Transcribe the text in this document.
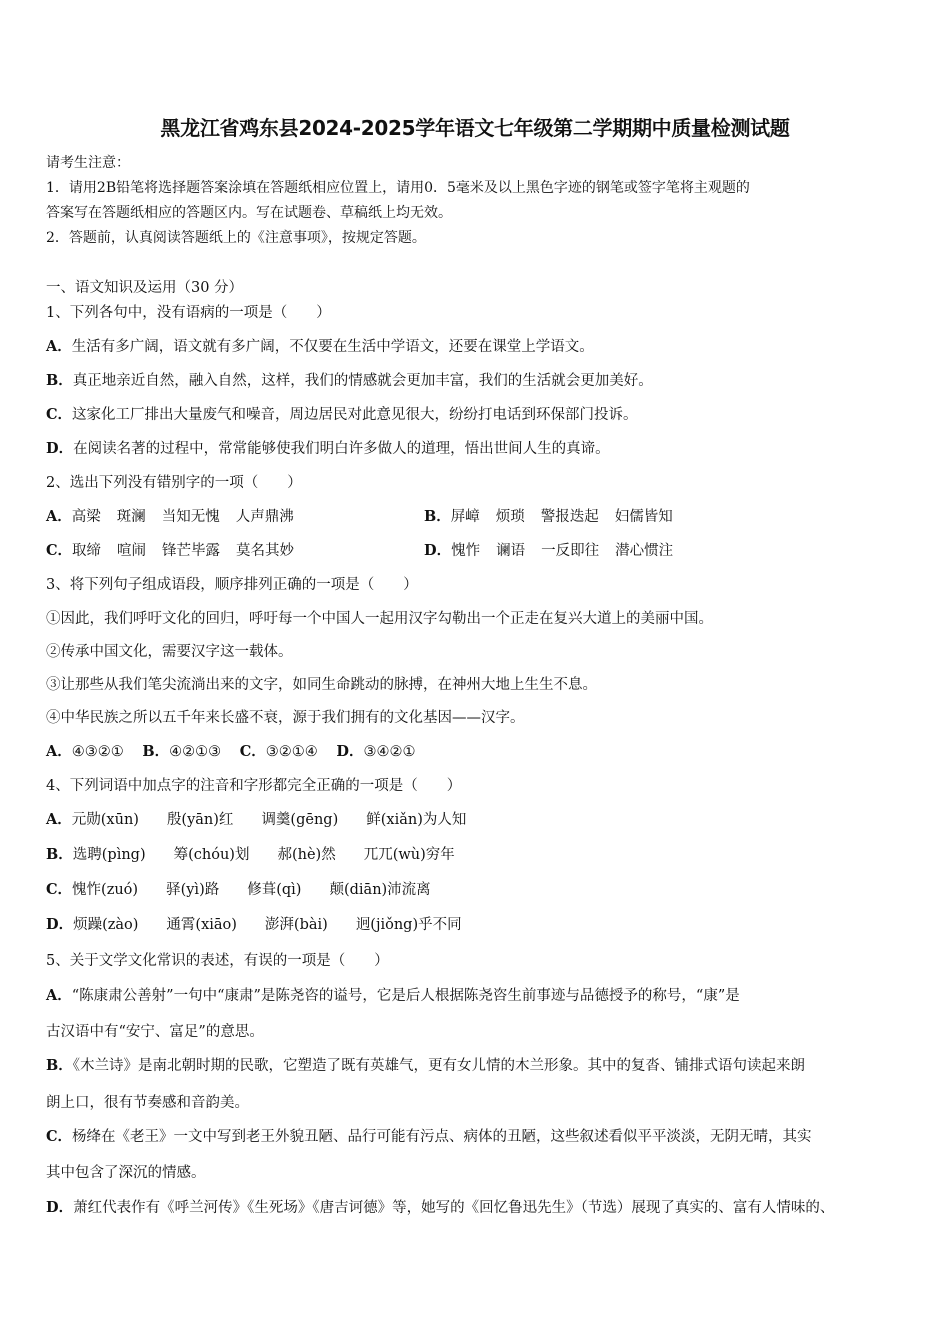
黑龙江省鸡东县2024-2025学年语文七年级第二学期期中质量检测试题
请考生注意：
1．请用2B铅笔将选择题答案涂填在答题纸相应位置上，请用0．5毫米及以上黑色字迹的钢笔或签字笔将主观题的
答案写在答题纸相应的答题区内。写在试题卷、草稿纸上均无效。
2．答题前，认真阅读答题纸上的《注意事项》，按规定答题。
一、语文知识及运用（30 分）
1、下列各句中，没有语病的一项是（　　）
A．生活有多广阔，语文就有多广阔，不仅要在生活中学语文，还要在课堂上学语文。
B．真正地亲近自然，融入自然，这样，我们的情感就会更加丰富，我们的生活就会更加美好。
C．这家化工厂排出大量废气和噪音，周边居民对此意见很大，纷纷打电话到环保部门投诉。
D．在阅读名著的过程中，常常能够使我们明白许多做人的道理，悟出世间人生的真谛。
2、选出下列没有错别字的一项（　　）
A．高梁 斑澜 当知无愧 人声鼎沸	B．屏嶂 烦琐 警报迭起 妇儒皆知
C．取缔 喧闹 锋芒毕露 莫名其妙	D．愧怍 谰语 一反即往 潜心惯注
3、将下列句子组成语段，顺序排列正确的一项是（　　）
①因此，我们呼吁文化的回归，呼吁每一个中国人一起用汉字勾勒出一个正走在复兴大道上的美丽中国。
②传承中国文化，需要汉字这一载体。
③让那些从我们笔尖流淌出来的文字，如同生命跳动的脉搏，在神州大地上生生不息。
④中华民族之所以五千年来长盛不衰，源于我们拥有的文化基因——汉字。
A．④③②① B．④②①③ C．③②①④ D．③④②①
4、下列词语中加点字的注音和字形都完全正确的一项是（　　）
A．元勋(xūn) 殷(yān)红 调羹(gēng) 鲜(xiǎn)为人知
B．选聘(pìng) 筹(chóu)划 郝(hè)然 兀兀(wù)穷年
C．愧怍(zuó) 驿(yì)路 修葺(qì) 颠(diān)沛流离
D．烦躁(zào) 通霄(xiāo) 澎湃(bài) 迥(jiǒng)乎不同
5、关于文学文化常识的表述，有误的一项是（　　）
A．“陈康肃公善射”一句中“康肃”是陈尧咨的谥号，它是后人根据陈尧咨生前事迹与品德授予的称号，“康”是
古汉语中有“安宁、富足”的意思。
B．《木兰诗》是南北朝时期的民歌，它塑造了既有英雄气，更有女儿情的木兰形象。其中的复沓、铺排式语句读起来朗
朗上口，很有节奏感和音韵美。
C．杨绛在《老王》一文中写到老王外貌丑陋、品行可能有污点、病体的丑陋，这些叙述看似平平淡淡，无阴无晴，其实
其中包含了深沉的情感。
D．萧红代表作有《呼兰河传》《生死场》《唐吉诃德》等，她写的《回忆鲁迅先生》（节选）展现了真实的、富有人情味的、
